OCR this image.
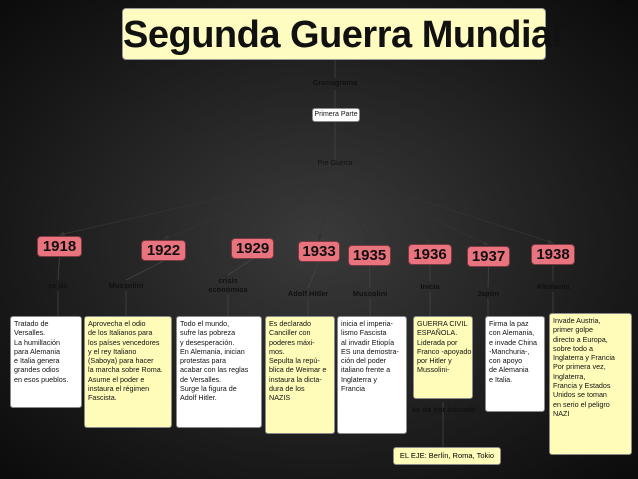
Segunda Guerra Mundial
Cronograma
Primera Parte
Pre Guerra
1918
se da
Tratado de
Versalles.
La humillación
para Alemania
e Italia genera
grandes odios
en esos pueblos.
1922
Mussolini
Aprovecha el odio
de los Italianos para
los países vencedores
y el rey Italiano
(Saboya) para hacer
la marcha sobre Roma.
Asume el poder e
instaura el régimen
Fascista.
1929
crisis
económica
Todo el mundo,
sufre las pobreza
y desesperación.
En Alemania, inician
protestas para
acabar con las reglas
de Versalles.
Surge la figura de
Adolf Hitler.
1933
Adolf Hitler
Es declarado
Canciller con
poderes máxi-
mos.
Sepulta la repú-
blica de Weimar e
instaura la dicta-
dura de los
NAZIS
1935
Mussolini
inicia el imperia-
lismo Fascista
al invadir Etiopía
ES una demostra-
ción del poder
italiano frente a
Inglaterra y
Francia
1936
Inicia
GUERRA CIVIL
ESPAÑOLA.
Liderada por
Franco -apoyado
por Hitler y
Mussolini-
1937
Japón
Firma la paz
con Alemania,
e invade China
-Manchuria-,
con apoyo
de Alemania
e Italia.
1938
Alemania
Invade Austria,
primer golpe
directo a Europa,
sobre todo a
Inglaterra y Francia
Por primera vez,
Inglaterra,
Francia y Estados
Unidos se toman
en serio el peligro
NAZI
se da por iniciado
EL EJE: Berlín, Roma, Tokio
